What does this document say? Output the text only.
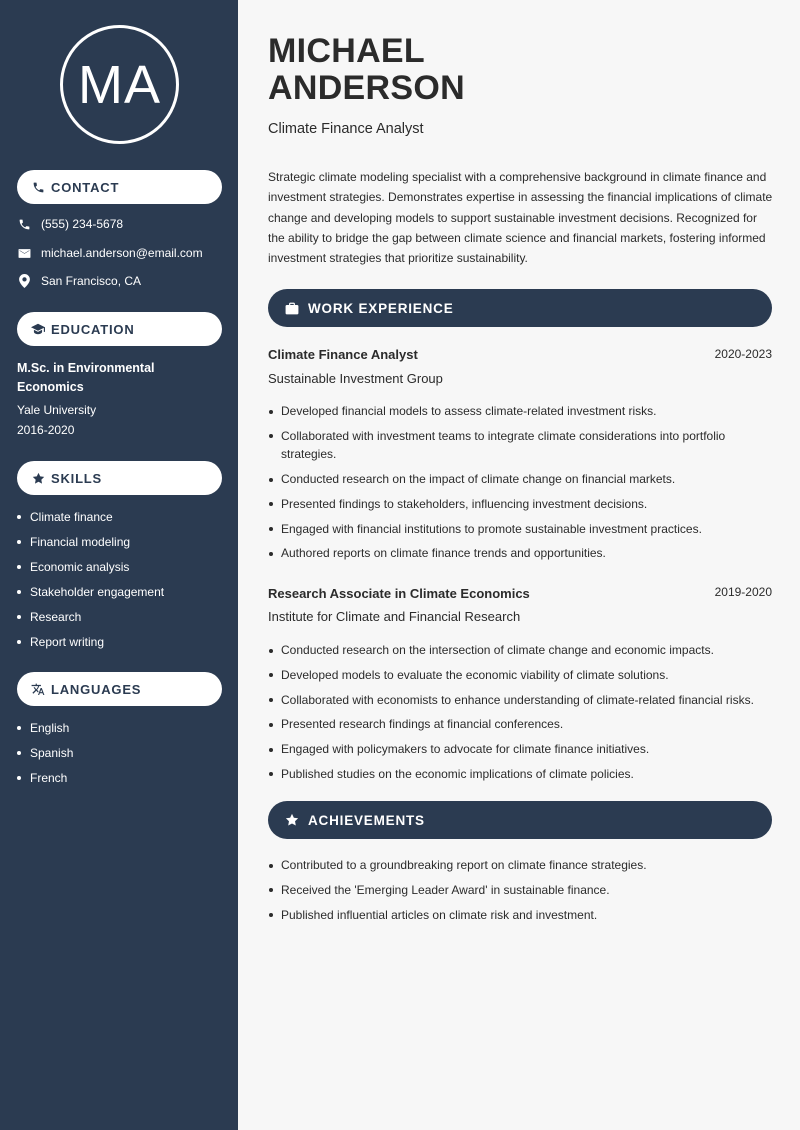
MA
CONTACT
(555) 234-5678
michael.anderson@email.com
San Francisco, CA
EDUCATION
M.Sc. in Environmental Economics
Yale University
2016-2020
SKILLS
Climate finance
Financial modeling
Economic analysis
Stakeholder engagement
Research
Report writing
LANGUAGES
English
Spanish
French
MICHAEL
ANDERSON
Climate Finance Analyst

Strategic climate modeling specialist with a comprehensive background in climate finance and investment strategies. Demonstrates expertise in assessing the financial implications of climate change and developing models to support sustainable investment decisions. Recognized for the ability to bridge the gap between climate science and financial markets, fostering informed investment strategies that prioritize sustainability.

WORK EXPERIENCE
Climate Finance Analyst	2020-2023
Sustainable Investment Group
Developed financial models to assess climate-related investment risks.
Collaborated with investment teams to integrate climate considerations into portfolio strategies.
Conducted research on the impact of climate change on financial markets.
Presented findings to stakeholders, influencing investment decisions.
Engaged with financial institutions to promote sustainable investment practices.
Authored reports on climate finance trends and opportunities.
Research Associate in Climate Economics	2019-2020
Institute for Climate and Financial Research
Conducted research on the intersection of climate change and economic impacts.
Developed models to evaluate the economic viability of climate solutions.
Collaborated with economists to enhance understanding of climate-related financial risks.
Presented research findings at financial conferences.
Engaged with policymakers to advocate for climate finance initiatives.
Published studies on the economic implications of climate policies.
ACHIEVEMENTS
Contributed to a groundbreaking report on climate finance strategies.
Received the 'Emerging Leader Award' in sustainable finance.
Published influential articles on climate risk and investment.
